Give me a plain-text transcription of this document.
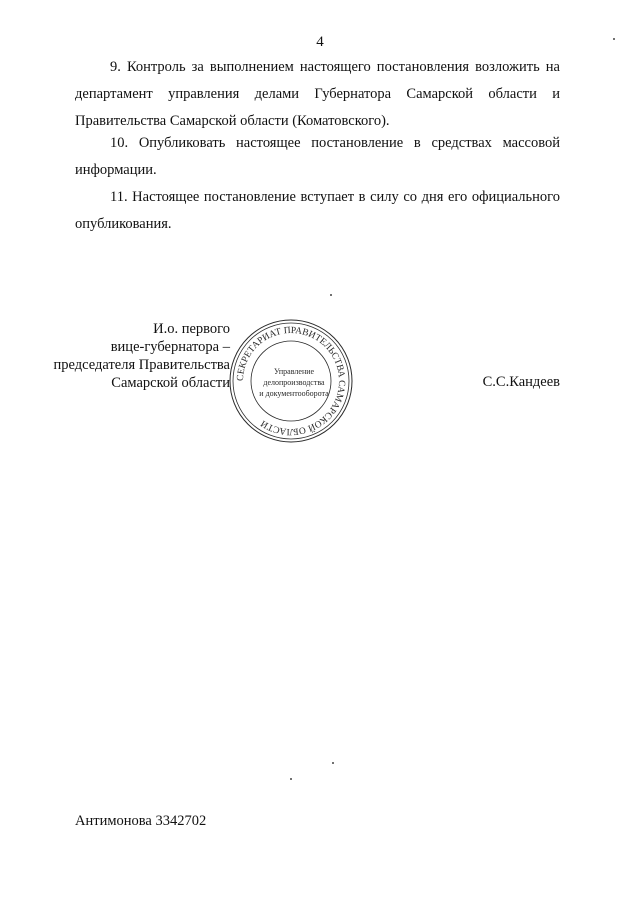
4
9. Контроль за выполнением настоящего постановления возложить на департамент управления делами Губернатора Самарской области и Правительства Самарской области (Коматовского).
10. Опубликовать настоящее постановление в средствах массовой информации.
11. Настоящее постановление вступает в силу со дня его официального опубликования.
И.о. первого
вице-губернатора –
председателя Правительства
Самарской области СЕКРЕТАРИАТ ПРАВИТЕЛЬСТВА САМАРСКОЙ ОБЛАСТИ
Управление
делопроизводства
и документооборота
С.С.Кандеев
Антимонова 3342702
